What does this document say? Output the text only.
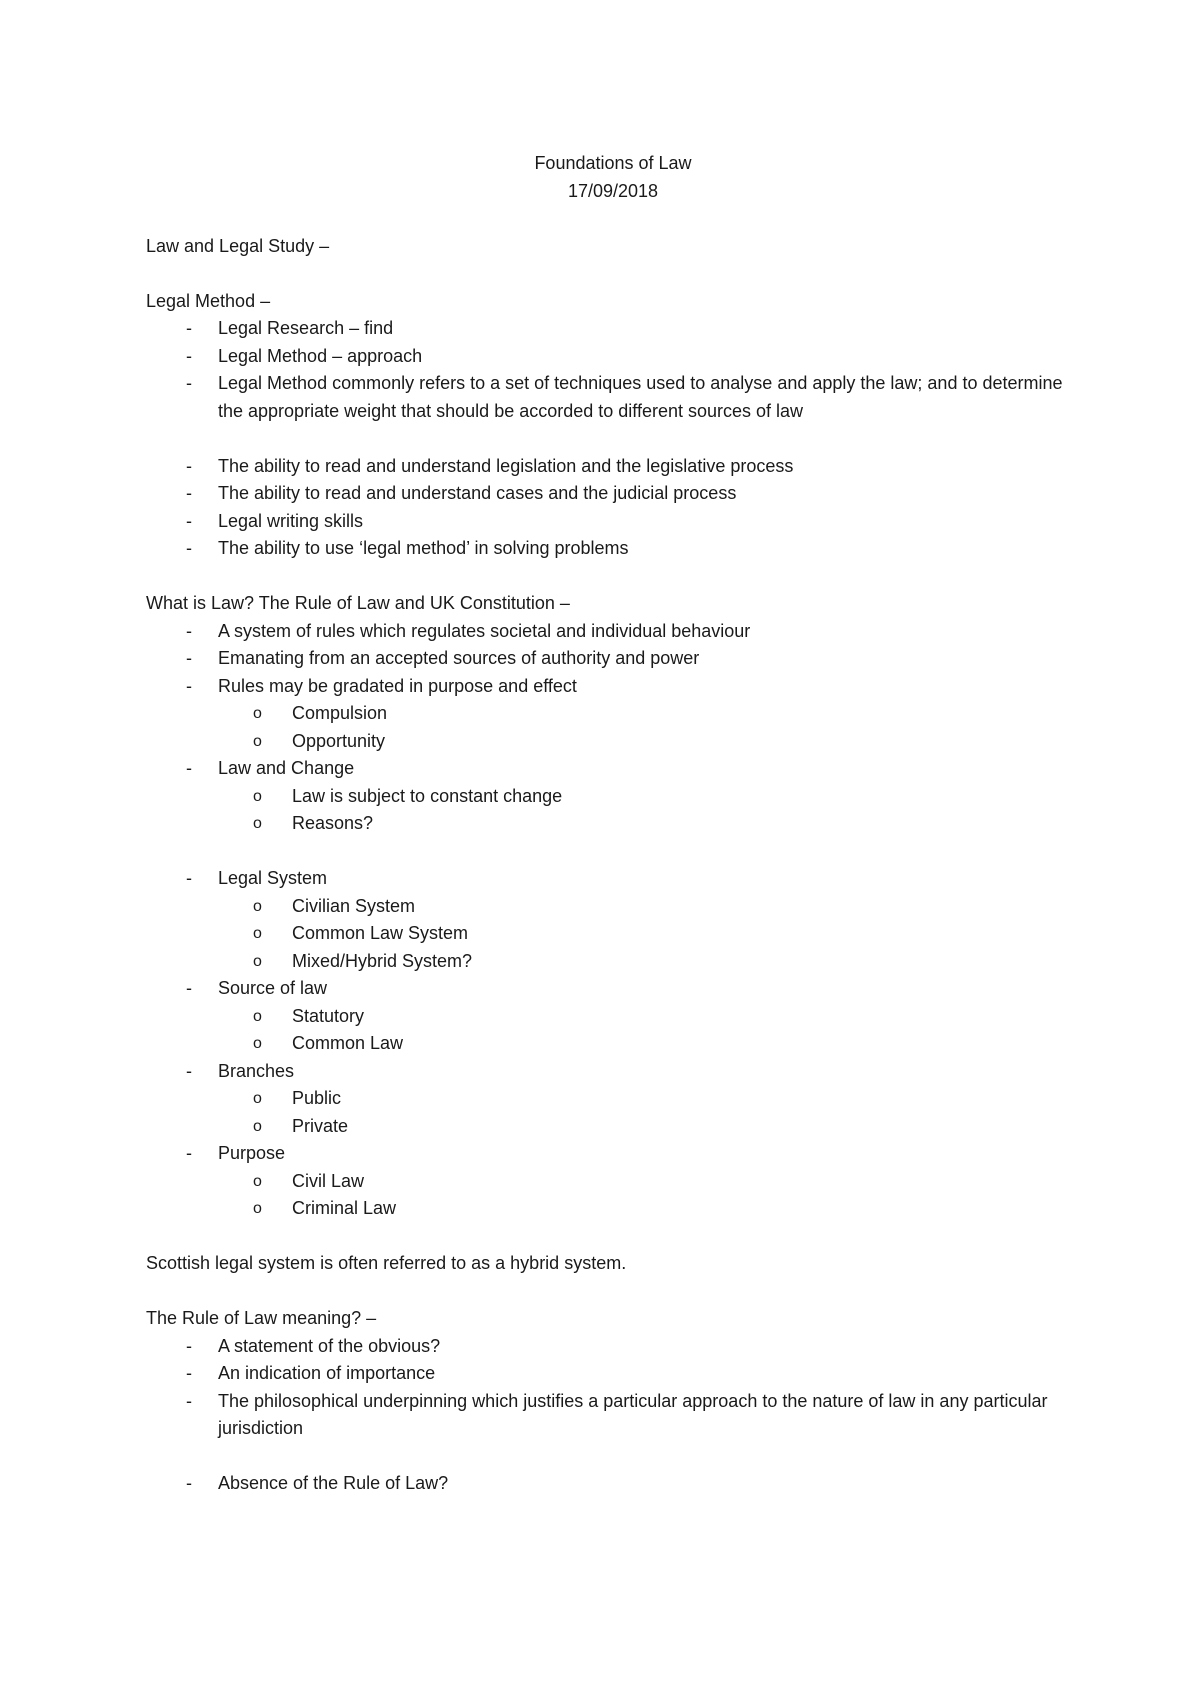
Foundations of Law
17/09/2018
Law and Legal Study –
Legal Method –
-	Legal Research – find
-	Legal Method – approach
-	Legal Method commonly refers to a set of techniques used to analyse and apply the law; and to determine the appropriate weight that should be accorded to different sources of law
-	The ability to read and understand legislation and the legislative process
-	The ability to read and understand cases and the judicial process
-	Legal writing skills
-	The ability to use ‘legal method’ in solving problems
What is Law? The Rule of Law and UK Constitution –
-	A system of rules which regulates societal and individual behaviour
-	Emanating from an accepted sources of authority and power
-	Rules may be gradated in purpose and effect
o	Compulsion
o	Opportunity
-	Law and Change
o	Law is subject to constant change
o	Reasons?
-	Legal System
o	Civilian System
o	Common Law System
o	Mixed/Hybrid System?
-	Source of law
o	Statutory
o	Common Law
-	Branches
o	Public
o	Private
-	Purpose
o	Civil Law
o	Criminal Law
Scottish legal system is often referred to as a hybrid system.
The Rule of Law meaning? –
-	A statement of the obvious?
-	An indication of importance
-	The philosophical underpinning which justifies a particular approach to the nature of law in any particular jurisdiction
-	Absence of the Rule of Law?
